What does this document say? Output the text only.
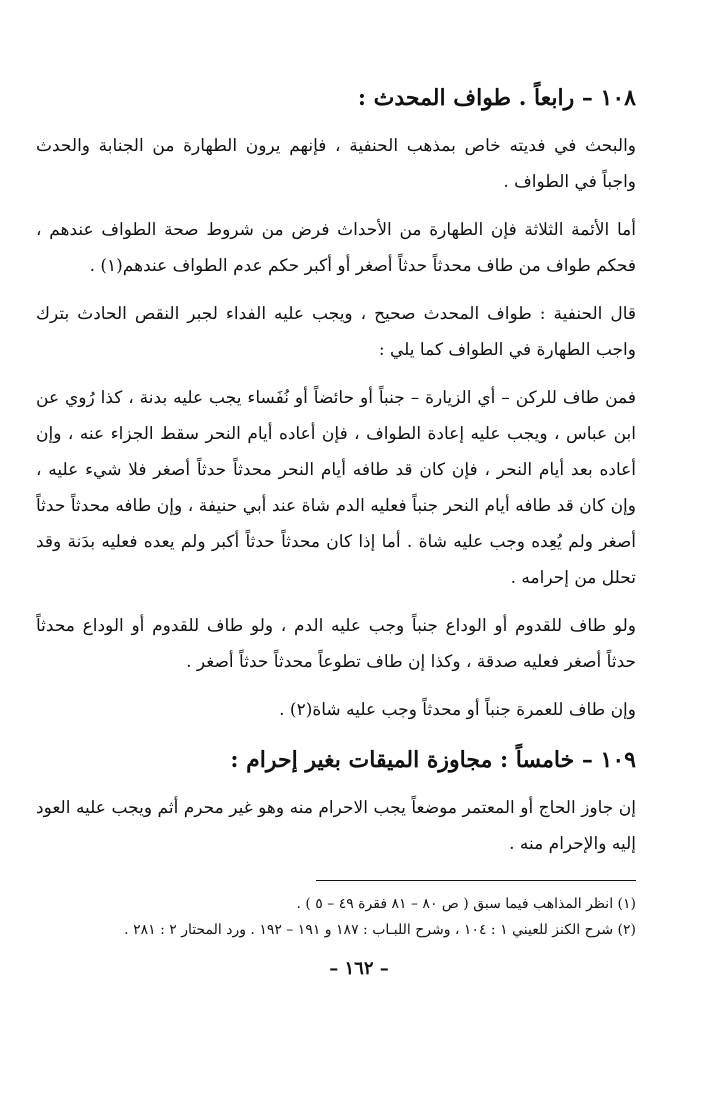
١٠٨ – رابعاً . طواف المحدث :

والبحث في فديته خاص بمذهب الحنفية ، فإنهم يرون الطهارة من الجنابة والحدث واجباً في الطواف .

أما الأئمة الثلاثة فإن الطهارة من الأحداث فرض من شروط صحة الطواف عندهم ، فحكم طواف من طاف محدثاً حدثاً أصغر أو أكبر حكم عدم الطواف عندهم(١) .

قال الحنفية : طواف المحدث صحيح ، ويجب عليه الفداء لجبر النقص الحادث بترك واجب الطهارة في الطواف كما يلي :

فمن طاف للركن – أي الزيارة – جنباً أو حائضاً أو نُفَساء يجب عليه بدنة ، كذا رُوي عن ابن عباس ، ويجب عليه إعادة الطواف ، فإن أعاده أيام النحر سقط الجزاء عنه ، وإن أعاده بعد أيام النحر ، فإن كان قد طافه أيام النحر محدثاً حدثاً أصغر فلا شيء عليه ، وإن كان قد طافه أيام النحر جنباً فعليه الدم شاة عند أبي حنيفة ، وإن طافه محدثاً حدثاً أصغر ولم يُعِده وجب عليه شاة . أما إذا كان محدثاً حدثاً أكبر ولم يعده فعليه بدَنة وقد تحلل من إحرامه .

ولو طاف للقدوم أو الوداع جنباً وجب عليه الدم ، ولو طاف للقدوم أو الوداع محدثاً حدثاً أصغر فعليه صدقة ، وكذا إن طاف تطوعاً محدثاً حدثاً أصغر .

وإن طاف للعمرة جنباً أو محدثاً وجب عليه شاة(٢) .

١٠٩ – خامساً : مجاوزة الميقات بغير إحرام :

إن جاوز الحاج أو المعتمر موضعاً يجب الاحرام منه وهو غير محرم أثم ويجب عليه العود إليه والإحرام منه .

(١) انظر المذاهب فيما سبق ( ص ٨٠ – ٨١ فقرة ٤٩ – ٥ ) .

(٢) شرح الكنز للعيني ١ : ١٠٤ ، وشرح اللبـاب : ١٨٧ و ١٩١ – ١٩٢ . ورد المحتار ٢ : ٢٨١ .

– ١٦٢ –
